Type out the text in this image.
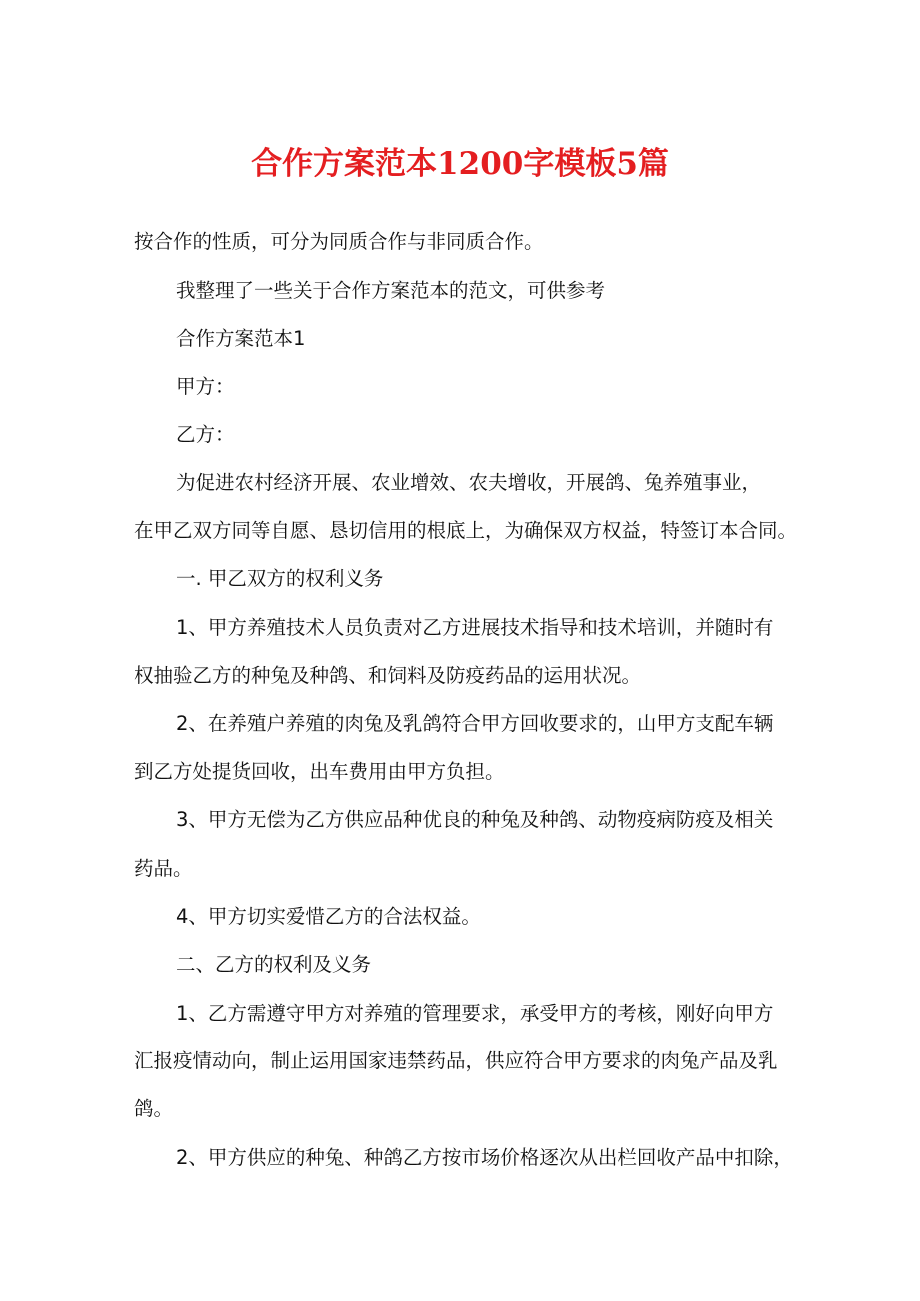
合作方案范本1200字模板5篇

按合作的性质，可分为同质合作与非同质合作。

我整理了一些关于合作方案范本的范文，可供参考

合作方案范本1

甲方：

乙方：

为促进农村经济开展、农业增效、农夫增收，开展鸽、兔养殖事业，

在甲乙双方同等自愿、恳切信用的根底上，为确保双方权益，特签订本合同。

一. 甲乙双方的权利义务

1、甲方养殖技术人员负责对乙方进展技术指导和技术培训，并随时有

权抽验乙方的种兔及种鸽、和饲料及防疫药品的运用状况。

2、在养殖户养殖的肉兔及乳鸽符合甲方回收要求的，山甲方支配车辆

到乙方处提货回收，出车费用由甲方负担。

3、甲方无偿为乙方供应品种优良的种兔及种鸽、动物疫病防疫及相关

药品。

4、甲方切实爱惜乙方的合法权益。

二、乙方的权利及义务

1、乙方需遵守甲方对养殖的管理要求，承受甲方的考核，刚好向甲方

汇报疫情动向，制止运用国家违禁药品，供应符合甲方要求的肉兔产品及乳

鸽。

2、甲方供应的种兔、种鸽乙方按市场价格逐次从出栏回收产品中扣除，
